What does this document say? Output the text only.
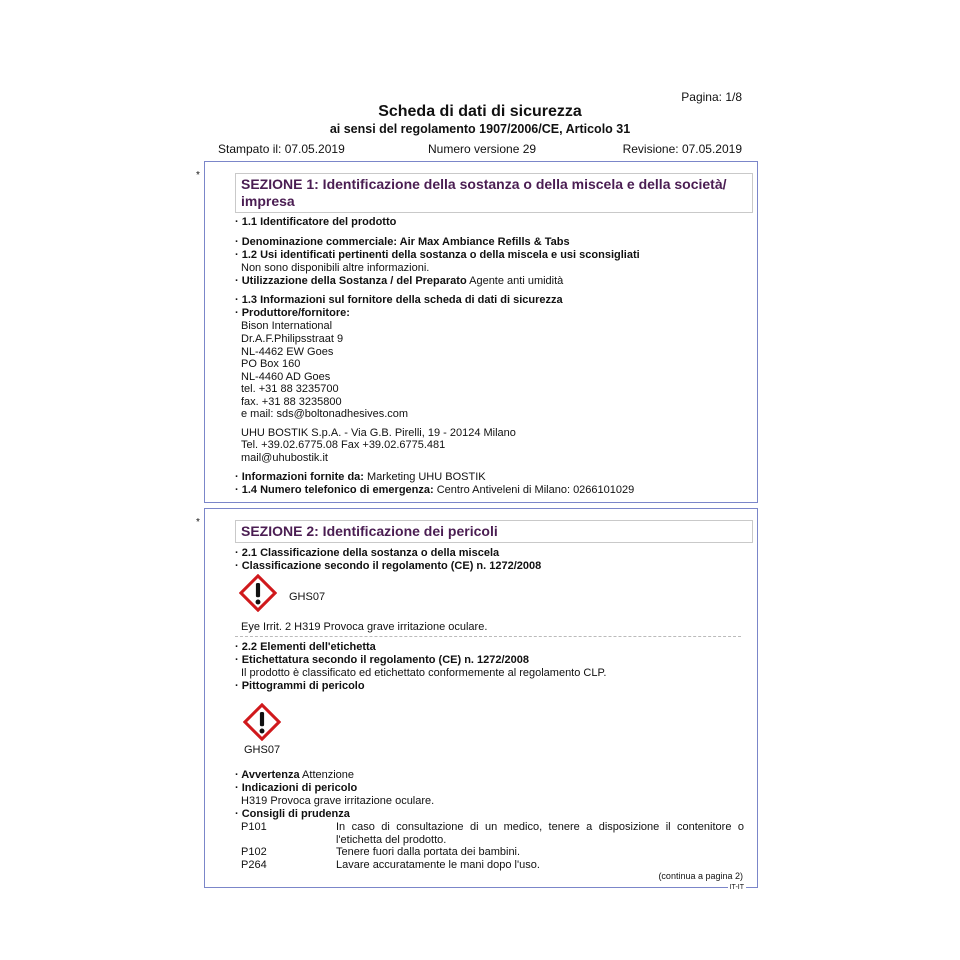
Pagina: 1/8
Scheda di dati di sicurezza
ai sensi del regolamento 1907/2006/CE, Articolo 31
Stampato il: 07.05.2019	Numero versione 29	Revisione: 07.05.2019
*
SEZIONE 1: Identificazione della sostanza o della miscela e della società/ impresa
· 1.1 Identificatore del prodotto
· Denominazione commerciale: Air Max Ambiance Refills & Tabs
· 1.2 Usi identificati pertinenti della sostanza o della miscela e usi sconsigliati
Non sono disponibili altre informazioni.
· Utilizzazione della Sostanza / del Preparato Agente anti umidità
· 1.3 Informazioni sul fornitore della scheda di dati di sicurezza
· Produttore/fornitore:
Bison International
Dr.A.F.Philipsstraat 9
NL-4462 EW Goes
PO Box 160
NL-4460 AD Goes
tel. +31 88 3235700
fax. +31 88 3235800
e mail: sds@boltonadhesives.com
UHU BOSTIK S.p.A. - Via G.B. Pirelli, 19 - 20124 Milano
Tel. +39.02.6775.08 Fax +39.02.6775.481
mail@uhubostik.it
· Informazioni fornite da: Marketing UHU BOSTIK
· 1.4 Numero telefonico di emergenza: Centro Antiveleni di Milano: 0266101029
*
SEZIONE 2: Identificazione dei pericoli
· 2.1 Classificazione della sostanza o della miscela
· Classificazione secondo il regolamento (CE) n. 1272/2008
GHS07
Eye Irrit. 2 H319 Provoca grave irritazione oculare.
· 2.2 Elementi dell'etichetta
· Etichettatura secondo il regolamento (CE) n. 1272/2008
Il prodotto è classificato ed etichettato conformemente al regolamento CLP.
· Pittogrammi di pericolo
GHS07
· Avvertenza Attenzione
· Indicazioni di pericolo
H319 Provoca grave irritazione oculare.
· Consigli di prudenza
P101	In caso di consultazione di un medico, tenere a disposizione il contenitore o l'etichetta del prodotto.
P102	Tenere fuori dalla portata dei bambini.
P264	Lavare accuratamente le mani dopo l'uso.
(continua a pagina 2)
IT-IT
